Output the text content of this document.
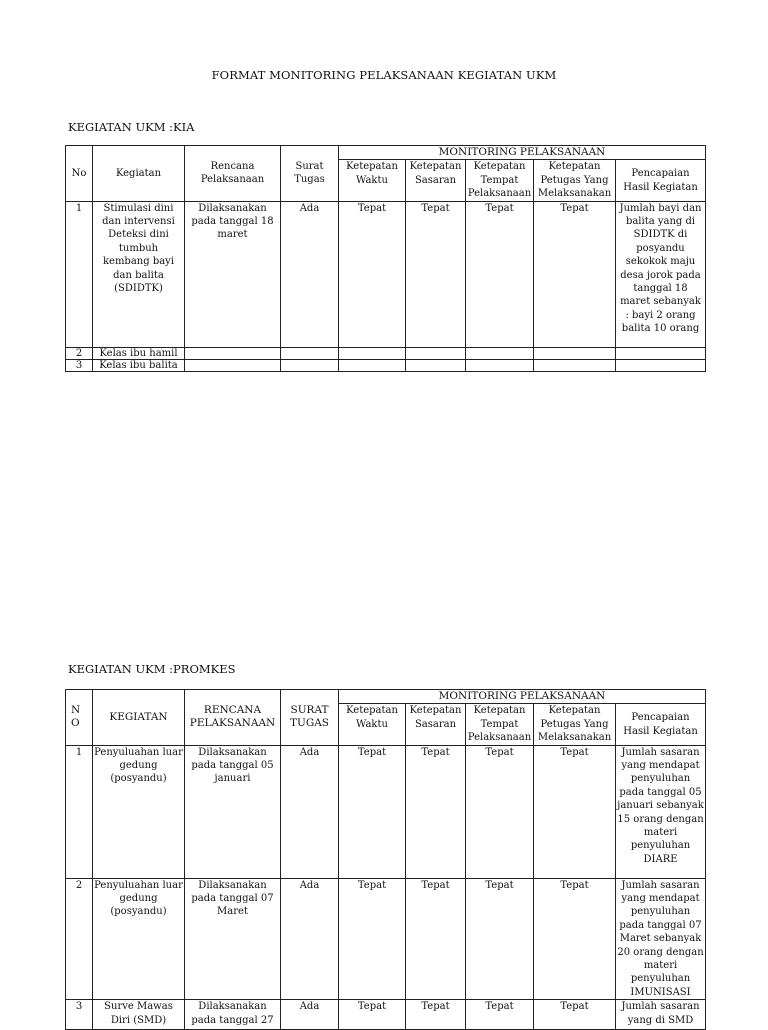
FORMAT MONITORING PELAKSANAAN KEGIATAN UKM
KEGIATAN UKM :KIA
No	Kegiatan	Rencana Pelaksanaan	Surat Tugas	MONITORING PELAKSANAAN				
				Ketepatan Waktu	Ketepatan Sasaran	Ketepatan Tempat Pelaksanaan	Ketepatan Petugas Yang Melaksanakan	Pencapaian Hasil Kegiatan
1	Stimulasi dini dan intervensi Deteksi dini tumbuh kembang bayi dan balita (SDIDTK)	Dilaksanakan pada tanggal 18 maret	Ada	Tepat	Tepat	Tepat	Tepat	Jumlah bayi dan balita yang di SDIDTK di posyandu sekokok maju desa jorok pada tanggal 18 maret sebanyak : bayi 2 orang balita 10 orang
2	Kelas ibu hamil							
3	Kelas ibu balita							
KEGIATAN UKM :PROMKES
N O	KEGIATAN	RENCANA PELAKSANAAN	SURAT TUGAS	MONITORING PELAKSANAAN				
				Ketepatan Waktu	Ketepatan Sasaran	Ketepatan Tempat Pelaksanaan	Ketepatan Petugas Yang Melaksanakan	Pencapaian Hasil Kegiatan
1	Penyuluahan luar gedung (posyandu)	Dilaksanakan pada tanggal 05 januari	Ada	Tepat	Tepat	Tepat	Tepat	Jumlah sasaran yang mendapat penyuluhan pada tanggal 05 januari sebanyak 15 orang dengan materi penyuluhan DIARE
2	Penyuluahan luar gedung (posyandu)	Dilaksanakan pada tanggal 07 Maret	Ada	Tepat	Tepat	Tepat	Tepat	Jumlah sasaran yang mendapat penyuluhan pada tanggal 07 Maret sebanyak 20 orang dengan materi penyuluhan IMUNISASI
3	Surve Mawas Diri (SMD)	Dilaksanakan pada tanggal 27	Ada	Tepat	Tepat	Tepat	Tepat	Jumlah sasaran yang di SMD
